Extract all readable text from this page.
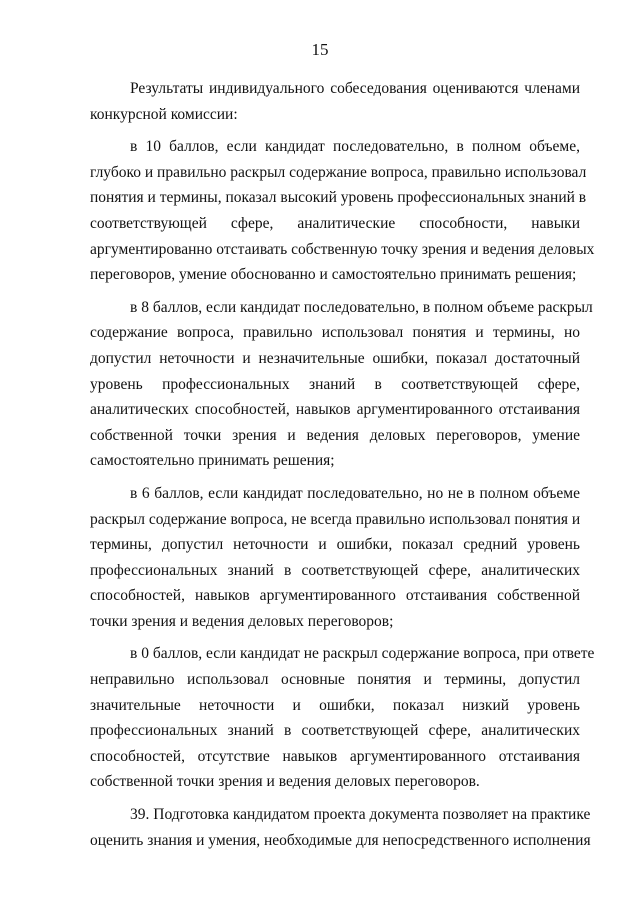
15
Результаты индивидуального собеседования оцениваются членами
конкурсной комиссии:
в 10 баллов, если кандидат последовательно, в полном объеме,
глубоко и правильно раскрыл содержание вопроса, правильно использовал
понятия и термины, показал высокий уровень профессиональных знаний в
соответствующей сфере, аналитические способности, навыки
аргументированно отстаивать собственную точку зрения и ведения деловых
переговоров, умение обоснованно и самостоятельно принимать решения;
в 8 баллов, если кандидат последовательно, в полном объеме раскрыл
содержание вопроса, правильно использовал понятия и термины, но
допустил неточности и незначительные ошибки, показал достаточный
уровень профессиональных знаний в соответствующей сфере,
аналитических способностей, навыков аргументированного отстаивания
собственной точки зрения и ведения деловых переговоров, умение
самостоятельно принимать решения;
в 6 баллов, если кандидат последовательно, но не в полном объеме
раскрыл содержание вопроса, не всегда правильно использовал понятия и
термины, допустил неточности и ошибки, показал средний уровень
профессиональных знаний в соответствующей сфере, аналитических
способностей, навыков аргументированного отстаивания собственной
точки зрения и ведения деловых переговоров;
в 0 баллов, если кандидат не раскрыл содержание вопроса, при ответе
неправильно использовал основные понятия и термины, допустил
значительные неточности и ошибки, показал низкий уровень
профессиональных знаний в соответствующей сфере, аналитических
способностей, отсутствие навыков аргументированного отстаивания
собственной точки зрения и ведения деловых переговоров.
39. Подготовка кандидатом проекта документа позволяет на практике
оценить знания и умения, необходимые для непосредственного исполнения
